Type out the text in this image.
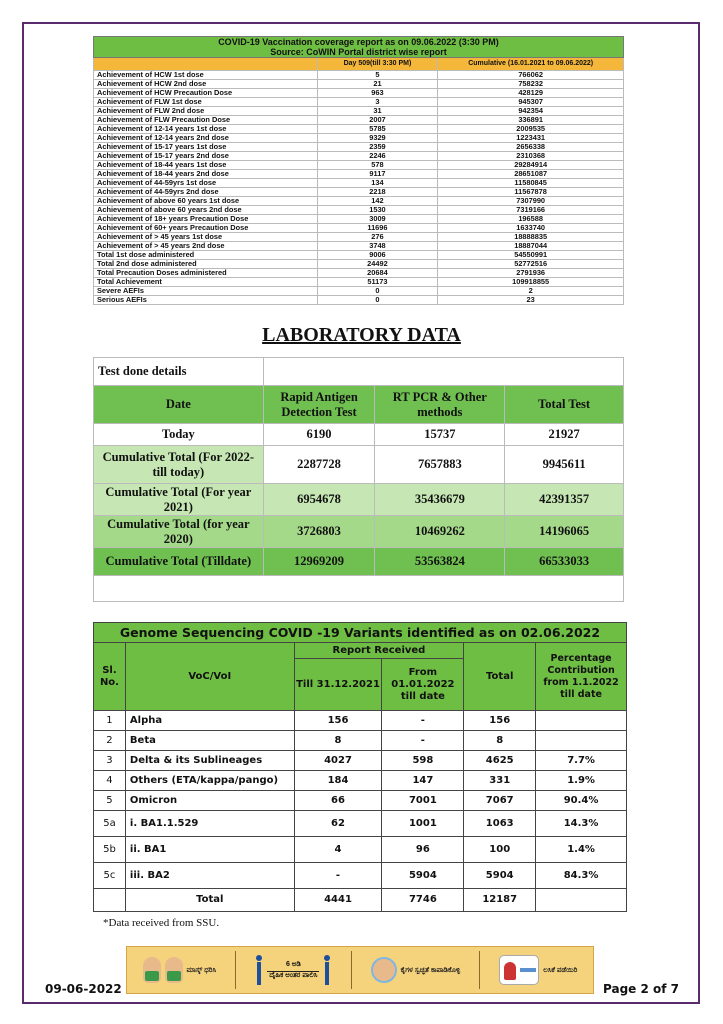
COVID-19 Vaccination coverage report as on 09.06.2022 (3:30 PM)
Source: CoWIN Portal district wise report		

	Day 509(till 3:30 PM)	Cumulative (16.01.2021 to 09.06.2022)
Achievement of HCW 1st dose	5	766062
Achievement of HCW 2nd dose	21	758232
Achievement of HCW Precaution Dose	963	428129
Achievement of FLW 1st dose	3	945307
Achievement of FLW 2nd dose	31	942354
Achievement of FLW Precaution Dose	2007	336891
Achievement of 12-14 years 1st dose	5785	2009535
Achievement of 12-14 years 2nd dose	9329	1223431
Achievement of 15-17 years 1st dose	2359	2656338
Achievement of 15-17 years 2nd dose	2246	2310368
Achievement of 18-44 years 1st dose	578	29284914
Achievement of 18-44 years 2nd dose	9117	28651087
Achievement of 44-59yrs 1st dose	134	11580845
Achievement of 44-59yrs 2nd dose	2218	11567878
Achievement of above 60 years 1st dose	142	7307990
Achievement of above 60 years 2nd dose	1530	7319166
Achievement of 18+ years Precaution Dose	3009	196588
Achievement of 60+ years Precaution Dose	11696	1633740
Achievement of > 45 years 1st dose	276	18888835
Achievement of > 45 years 2nd dose	3748	18887044
Total 1st dose administered	9006	54550991
Total 2nd dose administered	24492	52772516
Total Precaution Doses administered	20684	2791936
Total Achievement	51173	109918855
Severe AEFIs	0	2
Serious AEFIs	0	23
LABORATORY DATA
Test done details			
Date	Rapid Antigen Detection Test	RT PCR & Other methods	Total Test
Today	6190	15737	21927
Cumulative Total (For 2022- till today)	2287728	7657883	9945611
Cumulative Total (For year 2021)	6954678	35436679	42391357
Cumulative Total (for year 2020)	3726803	10469262	14196065
Cumulative Total (Tilldate)	12969209	53563824	66533033

Genome Sequencing COVID -19 Variants identified as on 02.06.2022					
Sl. No.	VoC/VoI	Report Received		Total	Percentage Contribution from 1.1.2022 till date
		Till 31.12.2021	From 01.01.2022 till date		
1	Alpha	156	-	156	
2	Beta	8	-	8	
3	Delta & its Sublineages	4027	598	4625	7.7%
4	Others (ETA/kappa/pango)	184	147	331	1.9%
5	Omicron	66	7001	7067	90.4%
5a	i. BA1.1.529	62	1001	1063	14.3%
5b	ii. BA1	4	96	100	1.4%
5c	iii. BA2	-	5904	5904	84.3%
	Total	4441	7746	12187	
*Data received from SSU.
ಮಾಸ್ಕ್ ಧರಿಸಿ
6 ಅಡಿ
ದೈಹಿಕ ಅಂತರ ಪಾಲಿಸಿ
ಕೈಗಳ ಸ್ವಚ್ಛತೆ ಕಾಪಾಡಿಕೊಳ್ಳಿ	ಲಸಿಕೆ ಪಡೆಯಿರಿ
09-06-2022	Page 2 of 7
